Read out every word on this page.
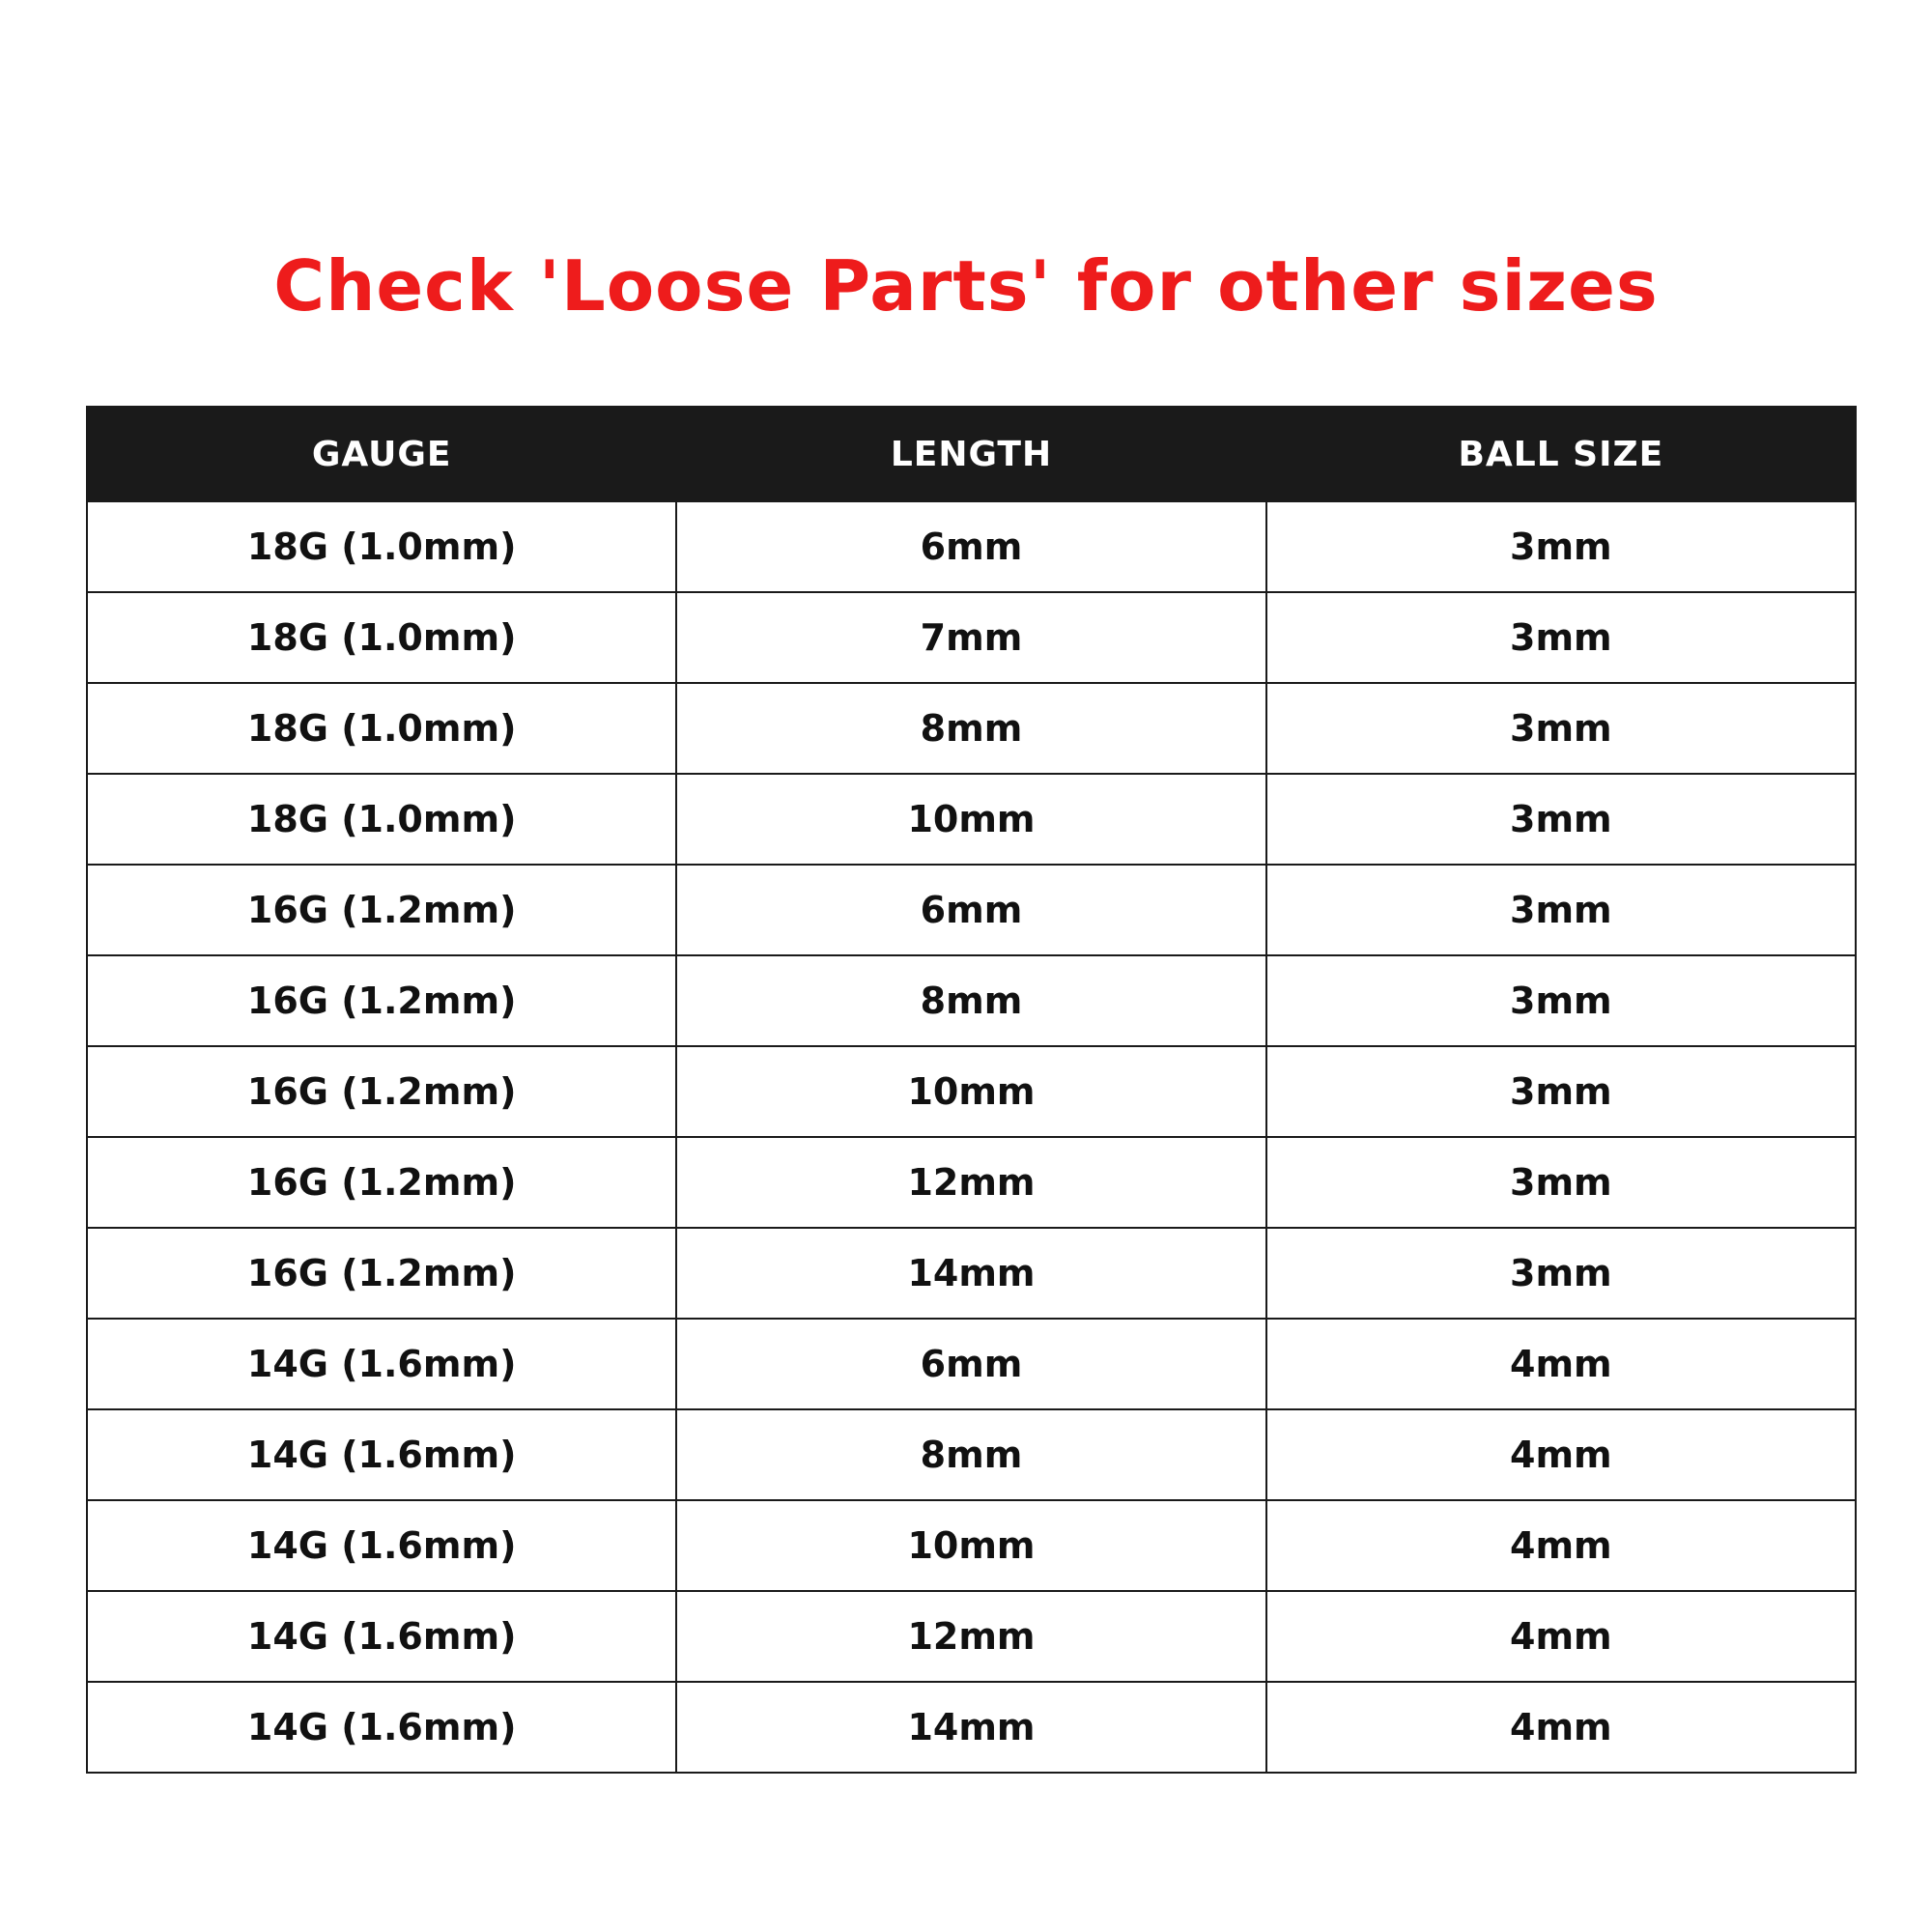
Check 'Loose Parts' for other sizes
GAUGE	LENGTH	BALL SIZE
18G (1.0mm)	6mm	3mm
18G (1.0mm)	7mm	3mm
18G (1.0mm)	8mm	3mm
18G (1.0mm)	10mm	3mm
16G (1.2mm)	6mm	3mm
16G (1.2mm)	8mm	3mm
16G (1.2mm)	10mm	3mm
16G (1.2mm)	12mm	3mm
16G (1.2mm)	14mm	3mm
14G (1.6mm)	6mm	4mm
14G (1.6mm)	8mm	4mm
14G (1.6mm)	10mm	4mm
14G (1.6mm)	12mm	4mm
14G (1.6mm)	14mm	4mm
